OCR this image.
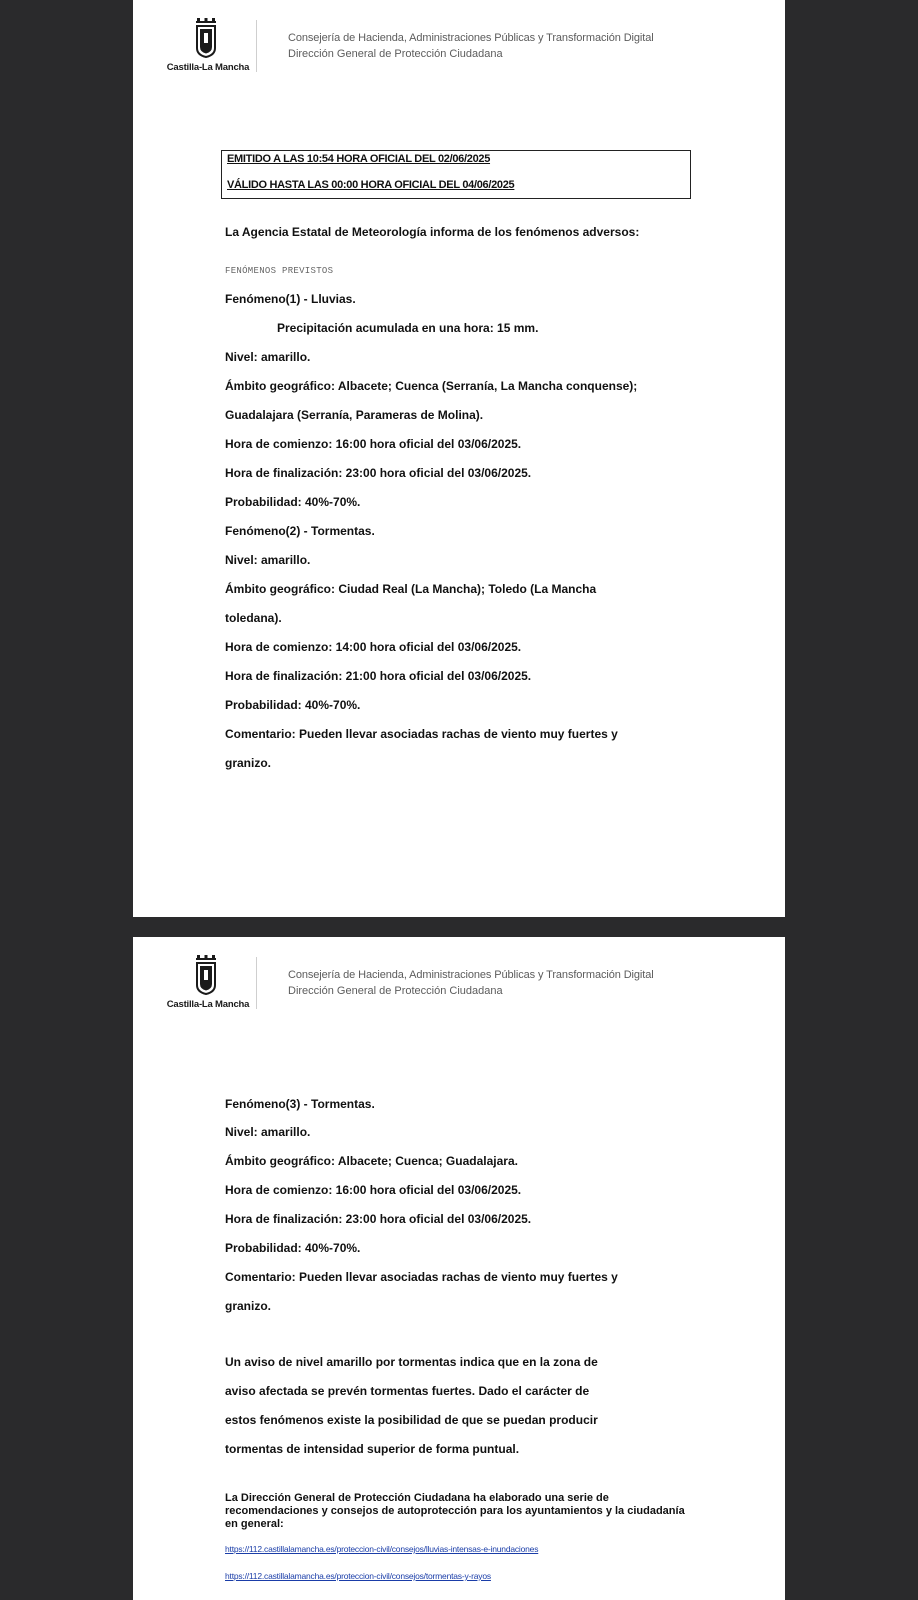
Castilla-La Mancha
Consejería de Hacienda, Administraciones Públicas y Transformación Digital
Dirección General de Protección Ciudadana
EMITIDO A LAS 10:54 HORA OFICIAL DEL 02/06/2025
VÁLIDO HASTA LAS 00:00 HORA OFICIAL DEL 04/06/2025
La Agencia Estatal de Meteorología informa de los fenómenos adversos:
FENÓMENOS PREVISTOS
Fenómeno(1) - Lluvias.
Precipitación acumulada en una hora: 15 mm.
Nivel: amarillo.
Ámbito geográfico: Albacete; Cuenca (Serranía, La Mancha conquense);
Guadalajara (Serranía, Parameras de Molina).
Hora de comienzo: 16:00 hora oficial del 03/06/2025.
Hora de finalización: 23:00 hora oficial del 03/06/2025.
Probabilidad: 40%-70%.
Fenómeno(2) - Tormentas.
Nivel: amarillo.
Ámbito geográfico: Ciudad Real (La Mancha); Toledo (La Mancha
toledana).
Hora de comienzo: 14:00 hora oficial del 03/06/2025.
Hora de finalización: 21:00 hora oficial del 03/06/2025.
Probabilidad: 40%-70%.
Comentario: Pueden llevar asociadas rachas de viento muy fuertes y
granizo.
Castilla-La Mancha
Consejería de Hacienda, Administraciones Públicas y Transformación Digital
Dirección General de Protección Ciudadana
Fenómeno(3) - Tormentas.
Nivel: amarillo.
Ámbito geográfico: Albacete; Cuenca; Guadalajara.
Hora de comienzo: 16:00 hora oficial del 03/06/2025.
Hora de finalización: 23:00 hora oficial del 03/06/2025.
Probabilidad: 40%-70%.
Comentario: Pueden llevar asociadas rachas de viento muy fuertes y
granizo.
Un aviso de nivel amarillo por tormentas indica que en la zona de
aviso afectada se prevén tormentas fuertes. Dado el carácter de
estos fenómenos existe la posibilidad de que se puedan producir
tormentas de intensidad superior de forma puntual.
La Dirección General de Protección Ciudadana ha elaborado una serie de recomendaciones y consejos de autoprotección para los ayuntamientos y la ciudadanía en general:
https://112.castillalamancha.es/proteccion-civil/consejos/lluvias-intensas-e-inundaciones
https://112.castillalamancha.es/proteccion-civil/consejos/tormentas-y-rayos
